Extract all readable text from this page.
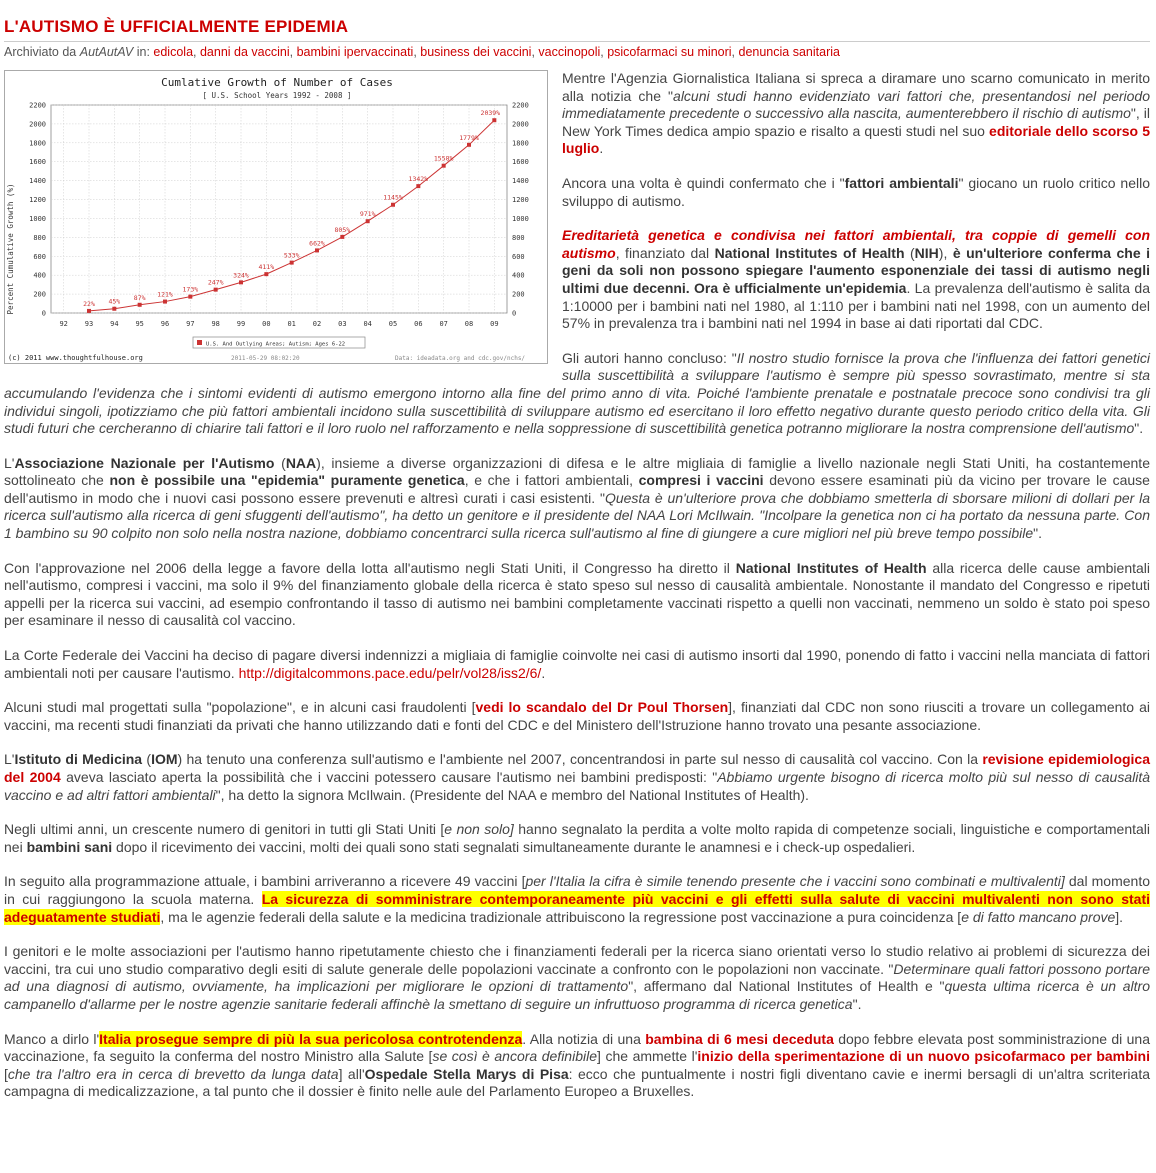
L'AUTISMO È UFFICIALMENTE EPIDEMIA
Archiviato da AutAutAV in: edicola, danni da vaccini, bambini ipervaccinati, business dei vaccini, vaccinopoli, psicofarmaci su minori, denuncia sanitaria
Cumlative Growth of Number of Cases
[ U.S. School Years 1992 - 2008 ]
Percent Cumulative Growth (%)	0	0
200	200
400	400
600	600
800	800
1000	1000
1200	1200
1400	1400
1600	1600
1800	1800
2000	2000
2200	2200
92 93 94 95 96 97 98 99 00 01 02 03 04 05 06 07 08 09
22% 45% 87% 121%
173%
247%
324%
411%
533%
662%
805%
971%
1145%
1342%
1558%
1779%
2039%
U.S. And Outlying Areas; Autism; Ages 6-22
(c) 2011 www.thoughtfulhouse.org	2011-05-29 08:02:20	Data: ideadata.org and cdc.gov/nchs/

Mentre l'Agenzia Giornalistica Italiana si spreca a diramare uno scarno comunicato in merito alla notizia che "alcuni studi hanno evidenziato vari fattori che, presentandosi nel periodo immediatamente precedente o successivo alla nascita, aumenterebbero il rischio di autismo", il New York Times dedica ampio spazio e risalto a questi studi nel suo editoriale dello scorso 5 luglio.

Ancora una volta è quindi confermato che i "fattori ambientali" giocano un ruolo critico nello sviluppo di autismo.

Ereditarietà genetica e condivisa nei fattori ambientali, tra coppie di gemelli con autismo, finanziato dal National Institutes of Health (NIH), è un'ulteriore conferma che i geni da soli non possono spiegare l'aumento esponenziale dei tassi di autismo negli ultimi due decenni. Ora è ufficialmente un'epidemia. La prevalenza dell'autismo è salita da 1:10000 per i bambini nati nel 1980, al 1:110 per i bambini nati nel 1998, con un aumento del 57% in prevalenza tra i bambini nati nel 1994 in base ai dati riportati dal CDC.

Gli autori hanno concluso: "Il nostro studio fornisce la prova che l'influenza dei fattori genetici sulla suscettibilità a sviluppare l'autismo è sempre più spesso sovrastimato, mentre si sta accumulando l'evidenza che i sintomi evidenti di autismo emergono intorno alla fine del primo anno di vita. Poiché l'ambiente prenatale e postnatale precoce sono condivisi tra gli individui singoli, ipotizziamo che più fattori ambientali incidono sulla suscettibilità di sviluppare autismo ed esercitano il loro effetto negativo durante questo periodo critico della vita. Gli studi futuri che cercheranno di chiarire tali fattori e il loro ruolo nel rafforzamento e nella soppressione di suscettibilità genetica potranno migliorare la nostra comprensione dell'autismo".

L'Associazione Nazionale per l'Autismo (NAA), insieme a diverse organizzazioni di difesa e le altre migliaia di famiglie a livello nazionale negli Stati Uniti, ha costantemente sottolineato che non è possibile una "epidemia" puramente genetica, e che i fattori ambientali, compresi i vaccini devono essere esaminati più da vicino per trovare le cause dell'autismo in modo che i nuovi casi possono essere prevenuti e altresì curati i casi esistenti. "Questa è un'ulteriore prova che dobbiamo smetterla di sborsare milioni di dollari per la ricerca sull'autismo alla ricerca di geni sfuggenti dell'autismo", ha detto un genitore e il presidente del NAA Lori McIlwain. "Incolpare la genetica non ci ha portato da nessuna parte. Con 1 bambino su 90 colpito non solo nella nostra nazione, dobbiamo concentrarci sulla ricerca sull'autismo al fine di giungere a cure migliori nel più breve tempo possibile".

Con l'approvazione nel 2006 della legge a favore della lotta all'autismo negli Stati Uniti, il Congresso ha diretto il National Institutes of Health alla ricerca delle cause ambientali nell'autismo, compresi i vaccini, ma solo il 9% del finanziamento globale della ricerca è stato speso sul nesso di causalità ambientale. Nonostante il mandato del Congresso e ripetuti appelli per la ricerca sui vaccini, ad esempio confrontando il tasso di autismo nei bambini completamente vaccinati rispetto a quelli non vaccinati, nemmeno un soldo è stato poi speso per esaminare il nesso di causalità col vaccino.

La Corte Federale dei Vaccini ha deciso di pagare diversi indennizzi a migliaia di famiglie coinvolte nei casi di autismo insorti dal 1990, ponendo di fatto i vaccini nella manciata di fattori ambientali noti per causare l'autismo. http://digitalcommons.pace.edu/pelr/vol28/iss2/6/.

Alcuni studi mal progettati sulla "popolazione", e in alcuni casi fraudolenti [vedi lo scandalo del Dr Poul Thorsen], finanziati dal CDC non sono riusciti a trovare un collegamento ai vaccini, ma recenti studi finanziati da privati che hanno utilizzando dati e fonti del CDC e del Ministero dell'Istruzione hanno trovato una pesante associazione.

L'Istituto di Medicina (IOM) ha tenuto una conferenza sull'autismo e l'ambiente nel 2007, concentrandosi in parte sul nesso di causalità col vaccino. Con la revisione epidemiologica del 2004 aveva lasciato aperta la possibilità che i vaccini potessero causare l'autismo nei bambini predisposti: "Abbiamo urgente bisogno di ricerca molto più sul nesso di causalità vaccino e ad altri fattori ambientali", ha detto la signora McIlwain. (Presidente del NAA e membro del National Institutes of Health).

Negli ultimi anni, un crescente numero di genitori in tutti gli Stati Uniti [e non solo] hanno segnalato la perdita a volte molto rapida di competenze sociali, linguistiche e comportamentali nei bambini sani dopo il ricevimento dei vaccini, molti dei quali sono stati segnalati simultaneamente durante le anamnesi e i check-up ospedalieri.

In seguito alla programmazione attuale, i bambini arriveranno a ricevere 49 vaccini [per l'Italia la cifra è simile tenendo presente che i vaccini sono combinati e multivalenti] dal momento in cui raggiungono la scuola materna. La sicurezza di somministrare contemporaneamente più vaccini e gli effetti sulla salute di vaccini multivalenti non sono stati adeguatamente studiati, ma le agenzie federali della salute e la medicina tradizionale attribuiscono la regressione post vaccinazione a pura coincidenza [e di fatto mancano prove].

I genitori e le molte associazioni per l'autismo hanno ripetutamente chiesto che i finanziamenti federali per la ricerca siano orientati verso lo studio relativo ai problemi di sicurezza dei vaccini, tra cui uno studio comparativo degli esiti di salute generale delle popolazioni vaccinate a confronto con le popolazioni non vaccinate. "Determinare quali fattori possono portare ad una diagnosi di autismo, ovviamente, ha implicazioni per migliorare le opzioni di trattamento", affermano dal National Institutes of Health e "questa ultima ricerca è un altro campanello d'allarme per le nostre agenzie sanitarie federali affinchè la smettano di seguire un infruttuoso programma di ricerca genetica".

Manco a dirlo l'Italia prosegue sempre di più la sua pericolosa controtendenza. Alla notizia di una bambina di 6 mesi deceduta dopo febbre elevata post somministrazione di una vaccinazione, fa seguito la conferma del nostro Ministro alla Salute [se così è ancora definibile] che ammette l'inizio della sperimentazione di un nuovo psicofarmaco per bambini [che tra l'altro era in cerca di brevetto da lunga data] all'Ospedale Stella Marys di Pisa: ecco che puntualmente i nostri figli diventano cavie e inermi bersagli di un'altra scriteriata campagna di medicalizzazione, a tal punto che il dossier è finito nelle aule del Parlamento Europeo a Bruxelles.
